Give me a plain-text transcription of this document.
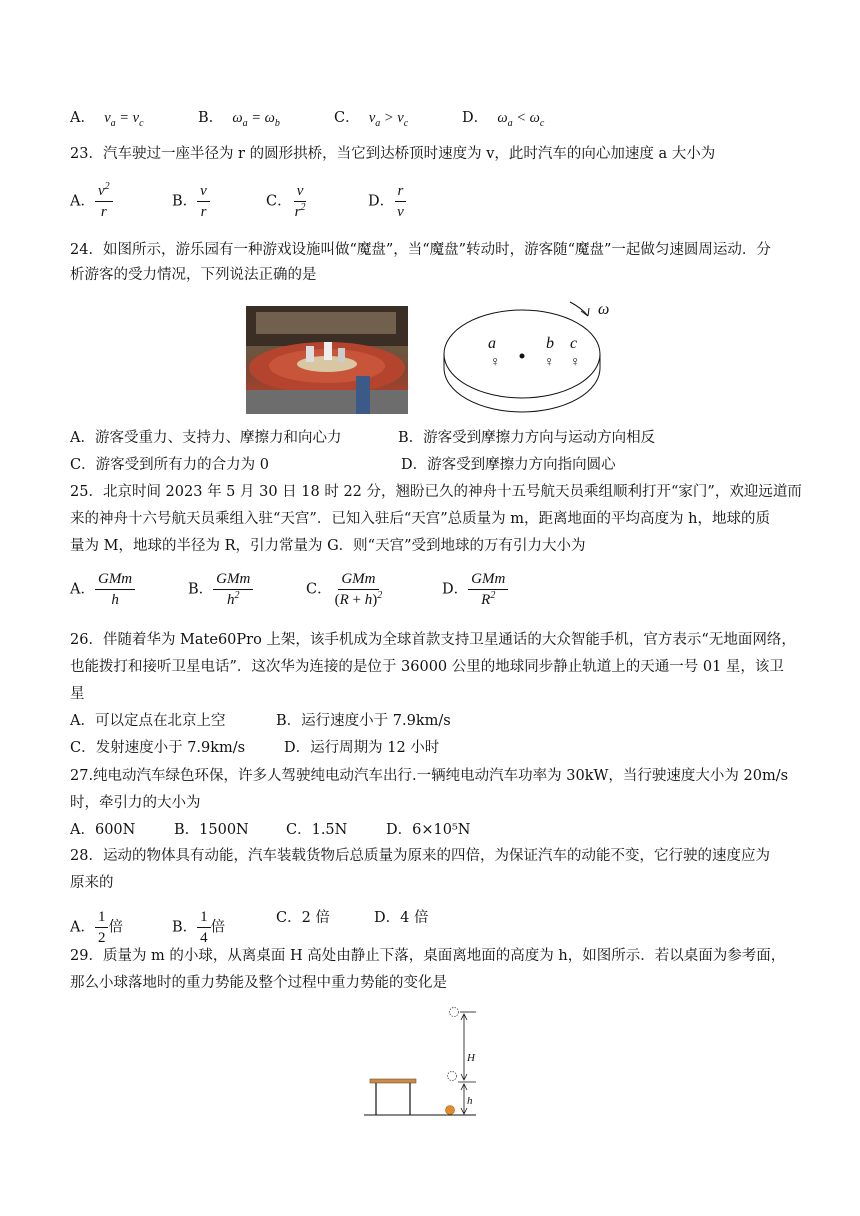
A． $v_a = v_c$	B． $\omega_a = \omega_b$	C． $v_a > v_c$	D． $\omega_a < \omega_c$
23．汽车驶过一座半径为 r 的圆形拱桥，当它到达桥顶时速度为 v，此时汽车的向心加速度 a 大小为
A． $\frac{v^2}{r}$	B． $\frac{v}{r}$	C． $\frac{v}{r^2}$	D． $\frac{r}{v}$
24．如图所示，游乐园有一种游戏设施叫做“魔盘”，当“魔盘”转动时，游客随“魔盘”一起做匀速圆周运动．分
析游客的受力情况，下列说法正确的是
ω
a	b c
♀	♀ ♀
A．游客受重力、支持力、摩擦力和向心力	B．游客受到摩擦力方向与运动方向相反
C．游客受到所有力的合力为 0	D．游客受到摩擦力方向指向圆心
25．北京时间 2023 年 5 月 30 日 18 时 22 分，翘盼已久的神舟十五号航天员乘组顺利打开“家门”，欢迎远道而
来的神舟十六号航天员乘组入驻“天宫”．已知入驻后“天宫”总质量为 m，距离地面的平均高度为 h，地球的质
量为 M，地球的半径为 R，引力常量为 G．则“天宫”受到地球的万有引力大小为
A． $\frac{\text{GMm}}{h}$	B． $\frac{\text{GMm}}{h^2}$	C． $\frac{\text{GMm}}{(R + h)^2}$	D． $\frac{\text{GMm}}{R^2}$
26．伴随着华为 Mate60Pro 上架，该手机成为全球首款支持卫星通话的大众智能手机，官方表示“无地面网络，
也能拨打和接听卫星电话”．这次华为连接的是位于 36000 公里的地球同步静止轨道上的天通一号 01 星，该卫
星
A．可以定点在北京上空	B．运行速度小于 7.9km/s
C．发射速度小于 7.9km/s	D．运行周期为 12 小时
27.纯电动汽车绿色环保，许多人驾驶纯电动汽车出行.一辆纯电动汽车功率为 30kW，当行驶速度大小为 20m/s
时，牵引力的大小为
A．600N	B．1500N	C．1.5N	D．6×10⁵N
28．运动的物体具有动能，汽车装载货物后总质量为原来的四倍，为保证汽车的动能不变，它行驶的速度应为
原来的
A． $\frac{1}{2}$ 倍	B． $\frac{1}{4}$ 倍
C．2 倍	D．4 倍
29．质量为 m 的小球，从离桌面 H 高处由静止下落，桌面离地面的高度为 h，如图所示．若以桌面为参考面，
那么小球落地时的重力势能及整个过程中重力势能的变化是
H
h
